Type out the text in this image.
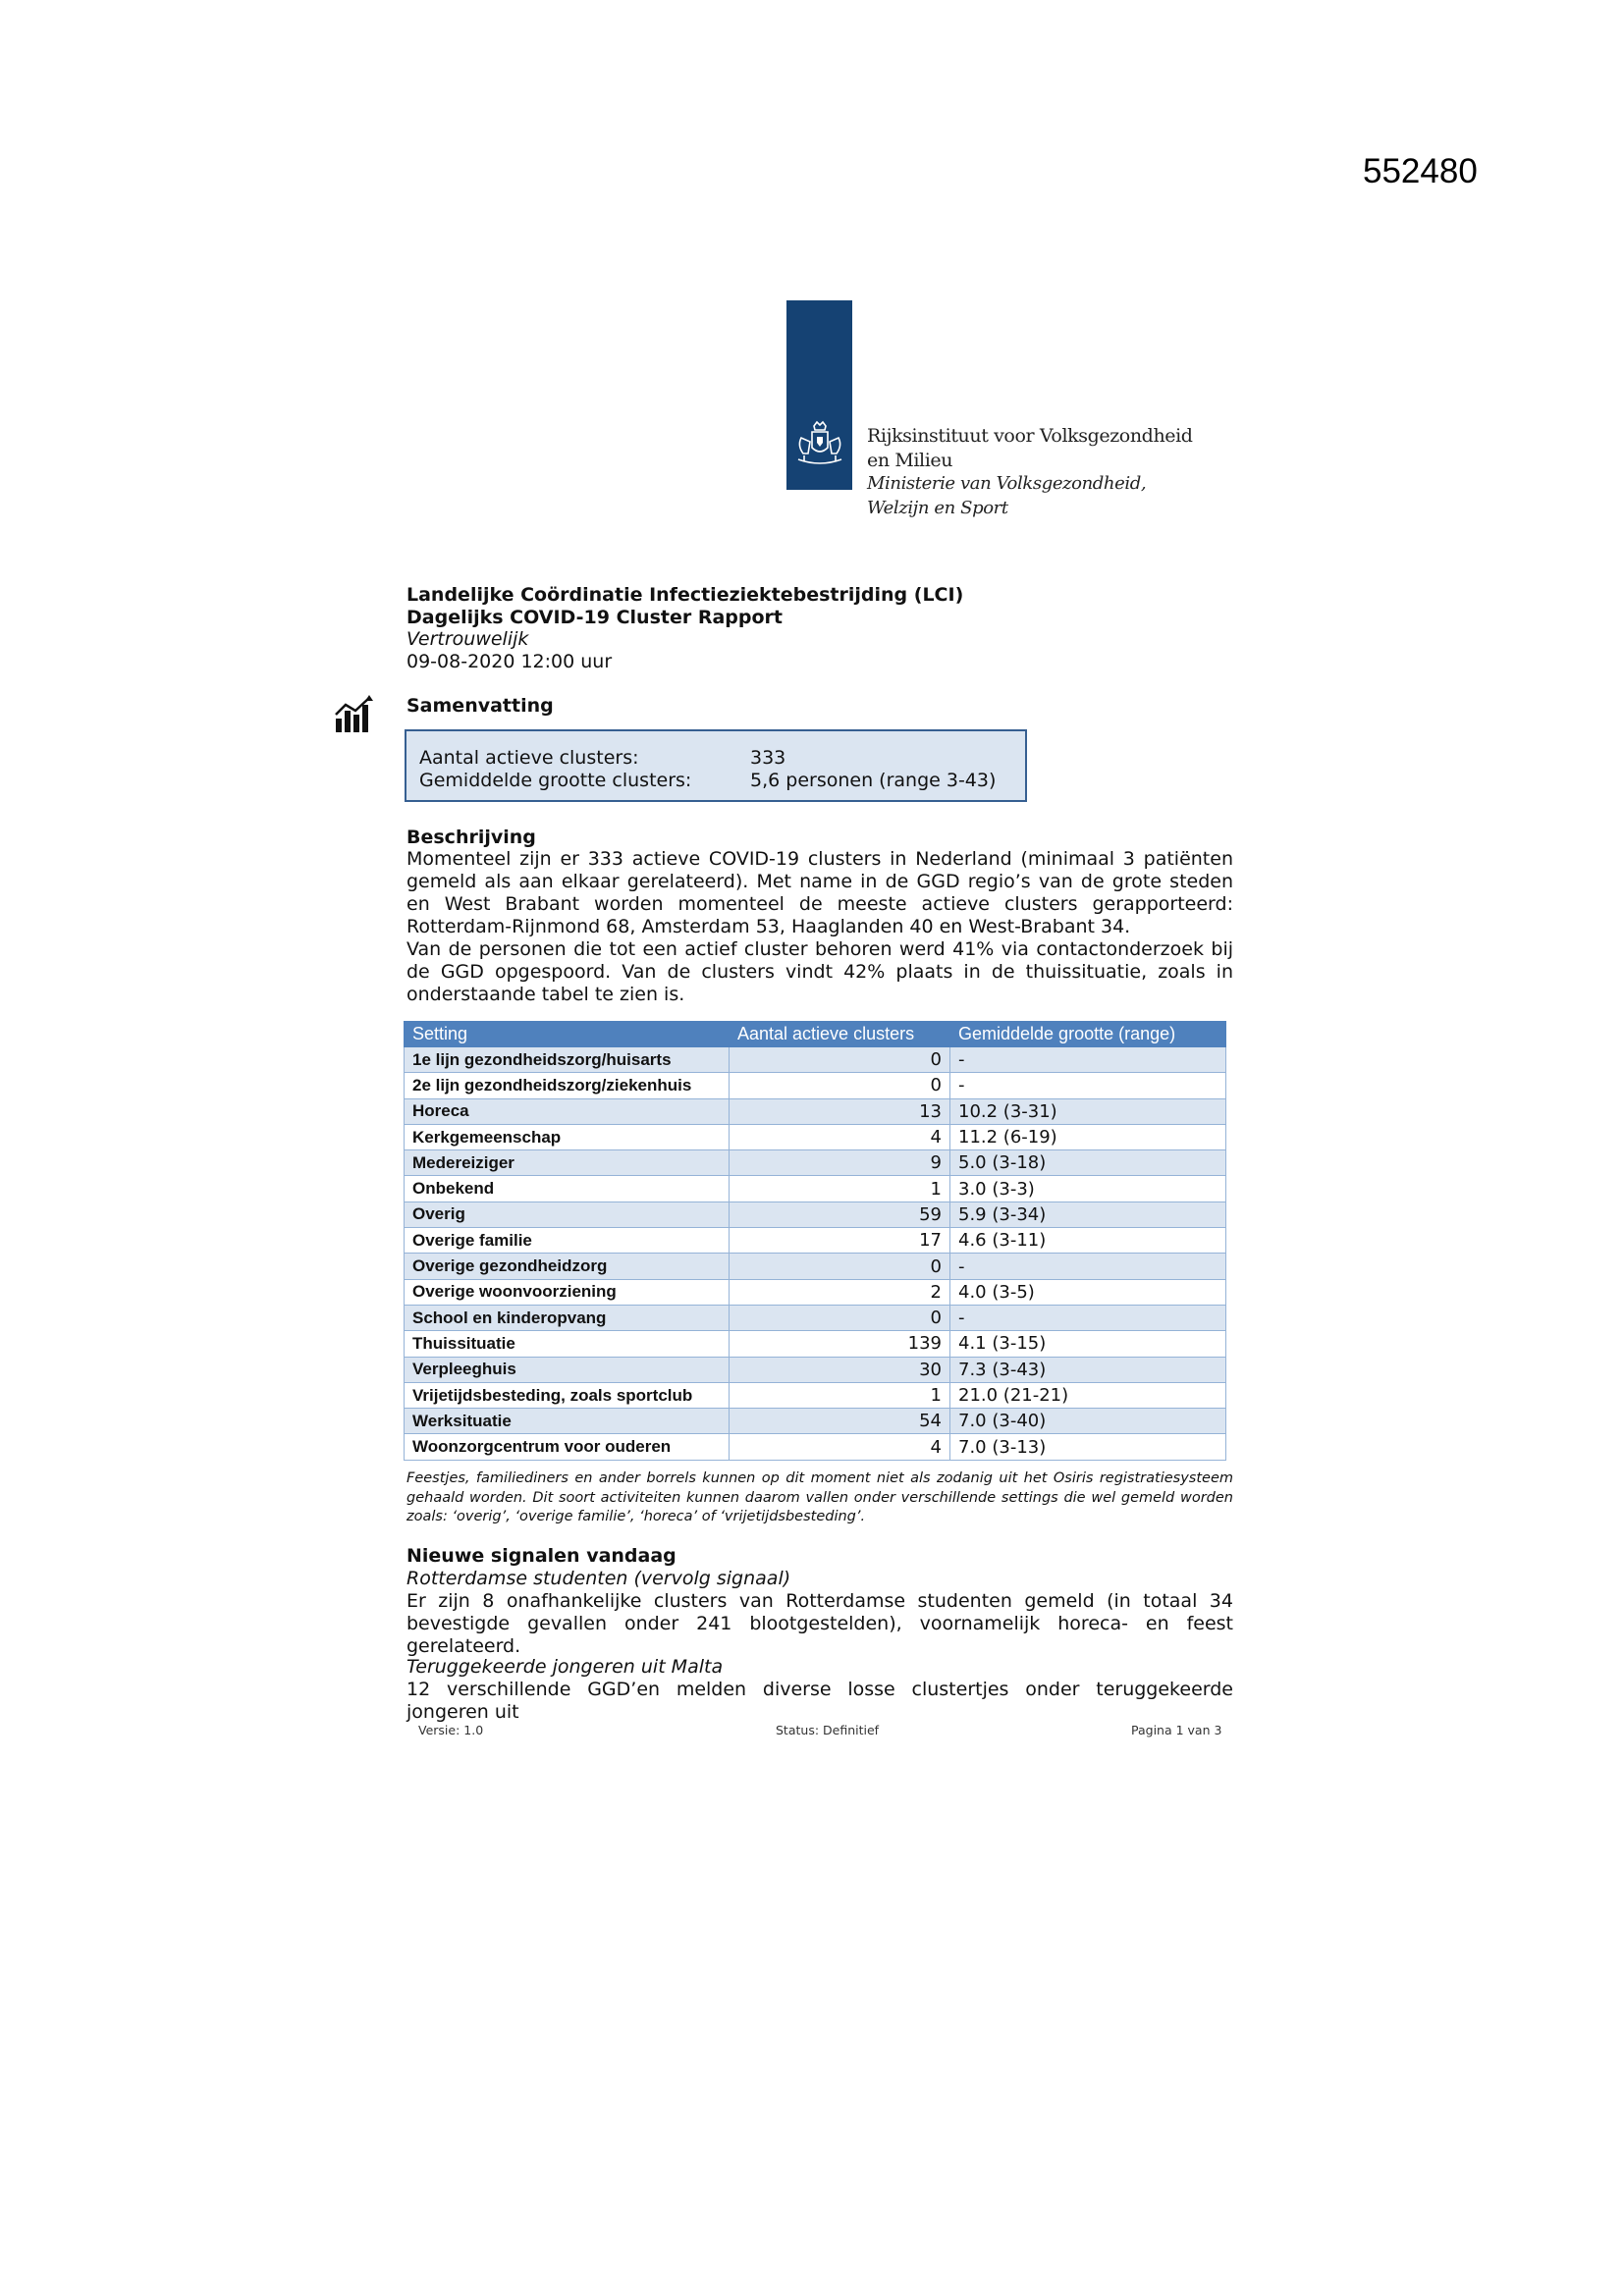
552480
Rijksinstituut voor Volksgezondheid
en Milieu
Ministerie van Volksgezondheid,
Welzijn en Sport
Landelijke Coördinatie Infectieziektebestrijding (LCI)
Dagelijks COVID-19 Cluster Rapport
Vertrouwelijk
09-08-2020 12:00 uur
Samenvatting
Aantal actieve clusters:	333
Gemiddelde grootte clusters:	5,6 personen (range 3-43)
Beschrijving
Momenteel zijn er 333 actieve COVID-19 clusters in Nederland (minimaal 3 patiënten gemeld als aan elkaar gerelateerd). Met name in de GGD regio’s van de grote steden en West Brabant worden momenteel de meeste actieve clusters gerapporteerd: Rotterdam-Rijnmond 68, Amsterdam 53, Haaglanden 40 en West-Brabant 34.
Van de personen die tot een actief cluster behoren werd 41% via contactonderzoek bij de GGD opgespoord. Van de clusters vindt 42% plaats in de thuissituatie, zoals in onderstaande tabel te zien is.
Setting	Aantal actieve clusters	Gemiddelde grootte (range)
1e lijn gezondheidszorg/huisarts	0	-
2e lijn gezondheidszorg/ziekenhuis	0	-
Horeca	13	10.2 (3-31)
Kerkgemeenschap	4	11.2 (6-19)
Medereiziger	9	5.0 (3-18)
Onbekend	1	3.0 (3-3)
Overig	59	5.9 (3-34)
Overige familie	17	4.6 (3-11)
Overige gezondheidzorg	0	-
Overige woonvoorziening	2	4.0 (3-5)
School en kinderopvang	0	-
Thuissituatie	139	4.1 (3-15)
Verpleeghuis	30	7.3 (3-43)
Vrijetijdsbesteding, zoals sportclub	1	21.0 (21-21)
Werksituatie	54	7.0 (3-40)
Woonzorgcentrum voor ouderen	4	7.0 (3-13)
Feestjes, familiediners en ander borrels kunnen op dit moment niet als zodanig uit het Osiris registratiesysteem gehaald worden. Dit soort activiteiten kunnen daarom vallen onder verschillende settings die wel gemeld worden zoals: ‘overig’, ‘overige familie’, ‘horeca’ of ‘vrijetijdsbesteding’.
Nieuwe signalen vandaag
Rotterdamse studenten (vervolg signaal)
Er zijn 8 onafhankelijke clusters van Rotterdamse studenten gemeld (in totaal 34 bevestigde gevallen onder 241 blootgestelden), voornamelijk horeca- en feest gerelateerd.
Teruggekeerde jongeren uit Malta
12 verschillende GGD’en melden diverse losse clustertjes onder teruggekeerde jongeren uit
Versie: 1.0	Status: Definitief	Pagina 1 van 3
